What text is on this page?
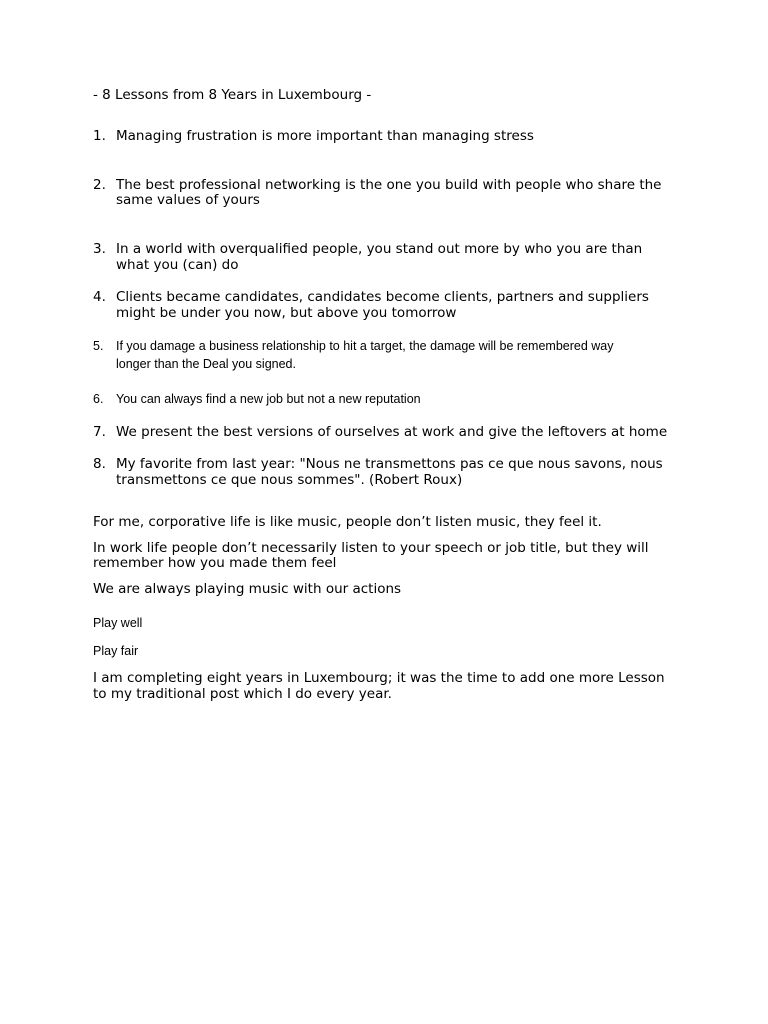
- 8 Lessons from 8 Years in Luxembourg -

1. Managing frustration is more important than managing stress

2. The best professional networking is the one you build with people who share the

same values of yours

3. In a world with overqualified people, you stand out more by who you are than

what you (can) do

4. Clients became candidates, candidates become clients, partners and suppliers

might be under you now, but above you tomorrow

5. If you damage a business relationship to hit a target, the damage will be remembered way

longer than the Deal you signed.

6. You can always find a new job but not a new reputation

7. We present the best versions of ourselves at work and give the leftovers at home

8. My favorite from last year: "Nous ne transmettons pas ce que nous savons, nous

transmettons ce que nous sommes". (Robert Roux)

For me, corporative life is like music, people don’t listen music, they feel it.

In work life people don’t necessarily listen to your speech or job title, but they will

remember how you made them feel

We are always playing music with our actions

Play well

Play fair

I am completing eight years in Luxembourg; it was the time to add one more Lesson

to my traditional post which I do every year.
